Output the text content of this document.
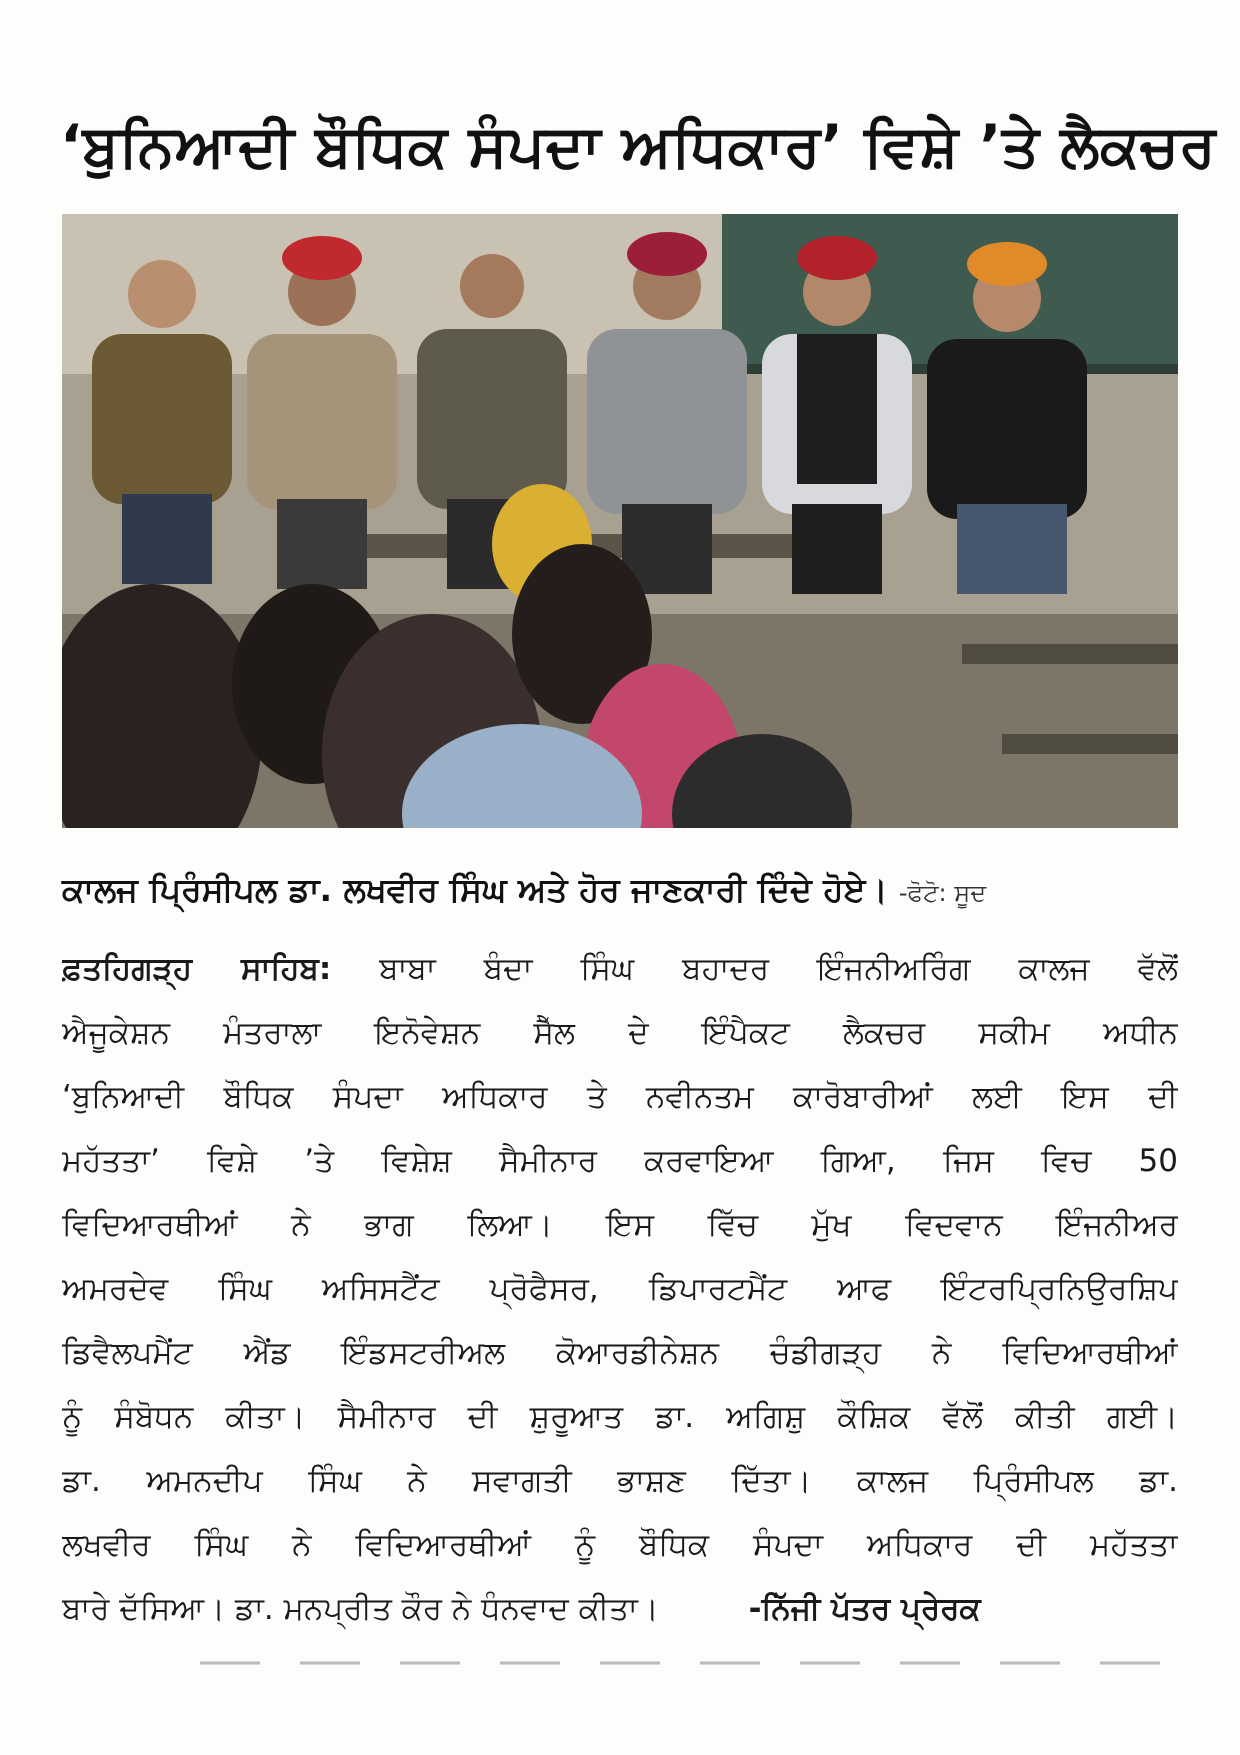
‘ਬੁਨਿਆਦੀ ਬੌਧਿਕ ਸੰਪਦਾ ਅਧਿਕਾਰ’ ਵਿਸ਼ੇ ’ਤੇ ਲੈਕਚਰ
ਕਾਲਜ ਪ੍ਰਿੰਸੀਪਲ ਡਾ. ਲਖਵੀਰ ਸਿੰਘ ਅਤੇ ਹੋਰ ਜਾਣਕਾਰੀ ਦਿੰਦੇ ਹੋਏ। -ਫੋਟੋ: ਸੂਦ
ਫ਼ਤਹਿਗੜ੍ਹ ਸਾਹਿਬ: ਬਾਬਾ ਬੰਦਾ ਸਿੰਘ ਬਹਾਦਰ ਇੰਜਨੀਅਰਿੰਗ ਕਾਲਜ ਵੱਲੋਂ
ਐਜੂਕੇਸ਼ਨ ਮੰਤਰਾਲਾ ਇਨੋਵੇਸ਼ਨ ਸੈੱਲ ਦੇ ਇੰਪੈਕਟ ਲੈਕਚਰ ਸਕੀਮ ਅਧੀਨ
‘ਬੁਨਿਆਦੀ ਬੌਧਿਕ ਸੰਪਦਾ ਅਧਿਕਾਰ ਤੇ ਨਵੀਨਤਮ ਕਾਰੋਬਾਰੀਆਂ ਲਈ ਇਸ ਦੀ
ਮਹੱਤਤਾ’ ਵਿਸ਼ੇ ’ਤੇ ਵਿਸ਼ੇਸ਼ ਸੈਮੀਨਾਰ ਕਰਵਾਇਆ ਗਿਆ, ਜਿਸ ਵਿਚ 50
ਵਿਦਿਆਰਥੀਆਂ ਨੇ ਭਾਗ ਲਿਆ। ਇਸ ਵਿੱਚ ਮੁੱਖ ਵਿਦਵਾਨ ਇੰਜਨੀਅਰ
ਅਮਰਦੇਵ ਸਿੰਘ ਅਸਿਸਟੈਂਟ ਪ੍ਰੋਫੈਸਰ, ਡਿਪਾਰਟਮੈਂਟ ਆਫ ਇੰਟਰਪ੍ਰਿਨਿਉਰਸ਼ਿਪ
ਡਿਵੈਲਪਮੈਂਟ ਐਂਡ ਇੰਡਸਟਰੀਅਲ ਕੋਆਰਡੀਨੇਸ਼ਨ ਚੰਡੀਗੜ੍ਹ ਨੇ ਵਿਦਿਆਰਥੀਆਂ
ਨੂੰ ਸੰਬੋਧਨ ਕੀਤਾ। ਸੈਮੀਨਾਰ ਦੀ ਸ਼ੁਰੂਆਤ ਡਾ. ਅਗਿਸ਼ੁ ਕੌਸ਼ਿਕ ਵੱਲੋਂ ਕੀਤੀ ਗਈ।
ਡਾ. ਅਮਨਦੀਪ ਸਿੰਘ ਨੇ ਸਵਾਗਤੀ ਭਾਸ਼ਣ ਦਿੱਤਾ। ਕਾਲਜ ਪ੍ਰਿੰਸੀਪਲ ਡਾ.
ਲਖਵੀਰ ਸਿੰਘ ਨੇ ਵਿਦਿਆਰਥੀਆਂ ਨੂੰ ਬੌਧਿਕ ਸੰਪਦਾ ਅਧਿਕਾਰ ਦੀ ਮਹੱਤਤਾ
ਬਾਰੇ ਦੱਸਿਆ। ਡਾ. ਮਨਪ੍ਰੀਤ ਕੌਰ ਨੇ ਧੰਨਵਾਦ ਕੀਤਾ।	-ਨਿੱਜੀ ਪੱਤਰ ਪ੍ਰੇਰਕ
